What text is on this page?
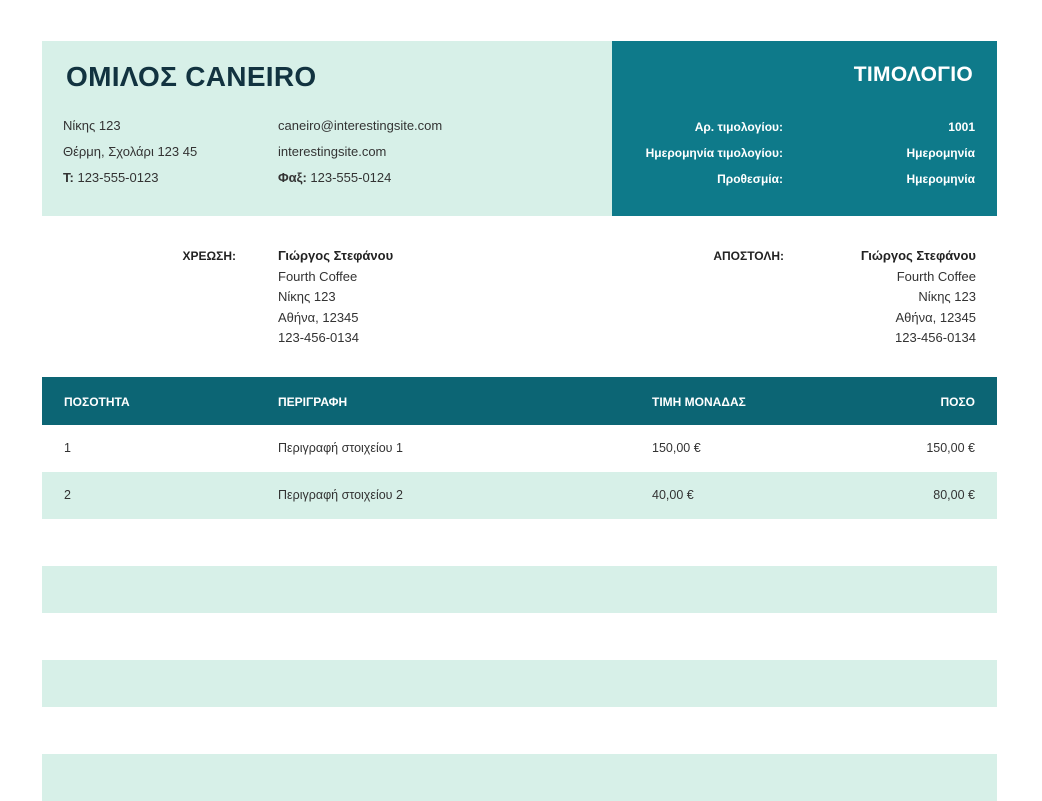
ΟΜΙΛΟΣ CANEIRO
Νίκης 123
Θέρμη, Σχολάρι 123 45
Τ: 123-555-0123
caneiro@interestingsite.com
interestingsite.com
Φαξ: 123-555-0124
ΤΙΜΟΛΟΓΙΟ
Αρ. τιμολογίου:	1001
Ημερομηνία τιμολογίου:	Ημερομηνία
Προθεσμία:	Ημερομηνία
ΧΡΕΩΣΗ:	Γιώργος Στεφάνου
Fourth Coffee
Νίκης 123
Αθήνα, 12345
123-456-0134
ΑΠΟΣΤΟΛΗ:	Γιώργος Στεφάνου
Fourth Coffee
Νίκης 123
Αθήνα, 12345
123-456-0134
ΠΟΣΟΤΗΤΑ	ΠΕΡΙΓΡΑΦΗ	ΤΙΜΗ ΜΟΝΑΔΑΣ	ΠΟΣΟ
1	Περιγραφή στοιχείου 1	150,00 €	150,00 €
2	Περιγραφή στοιχείου 2	40,00 €	80,00 €
